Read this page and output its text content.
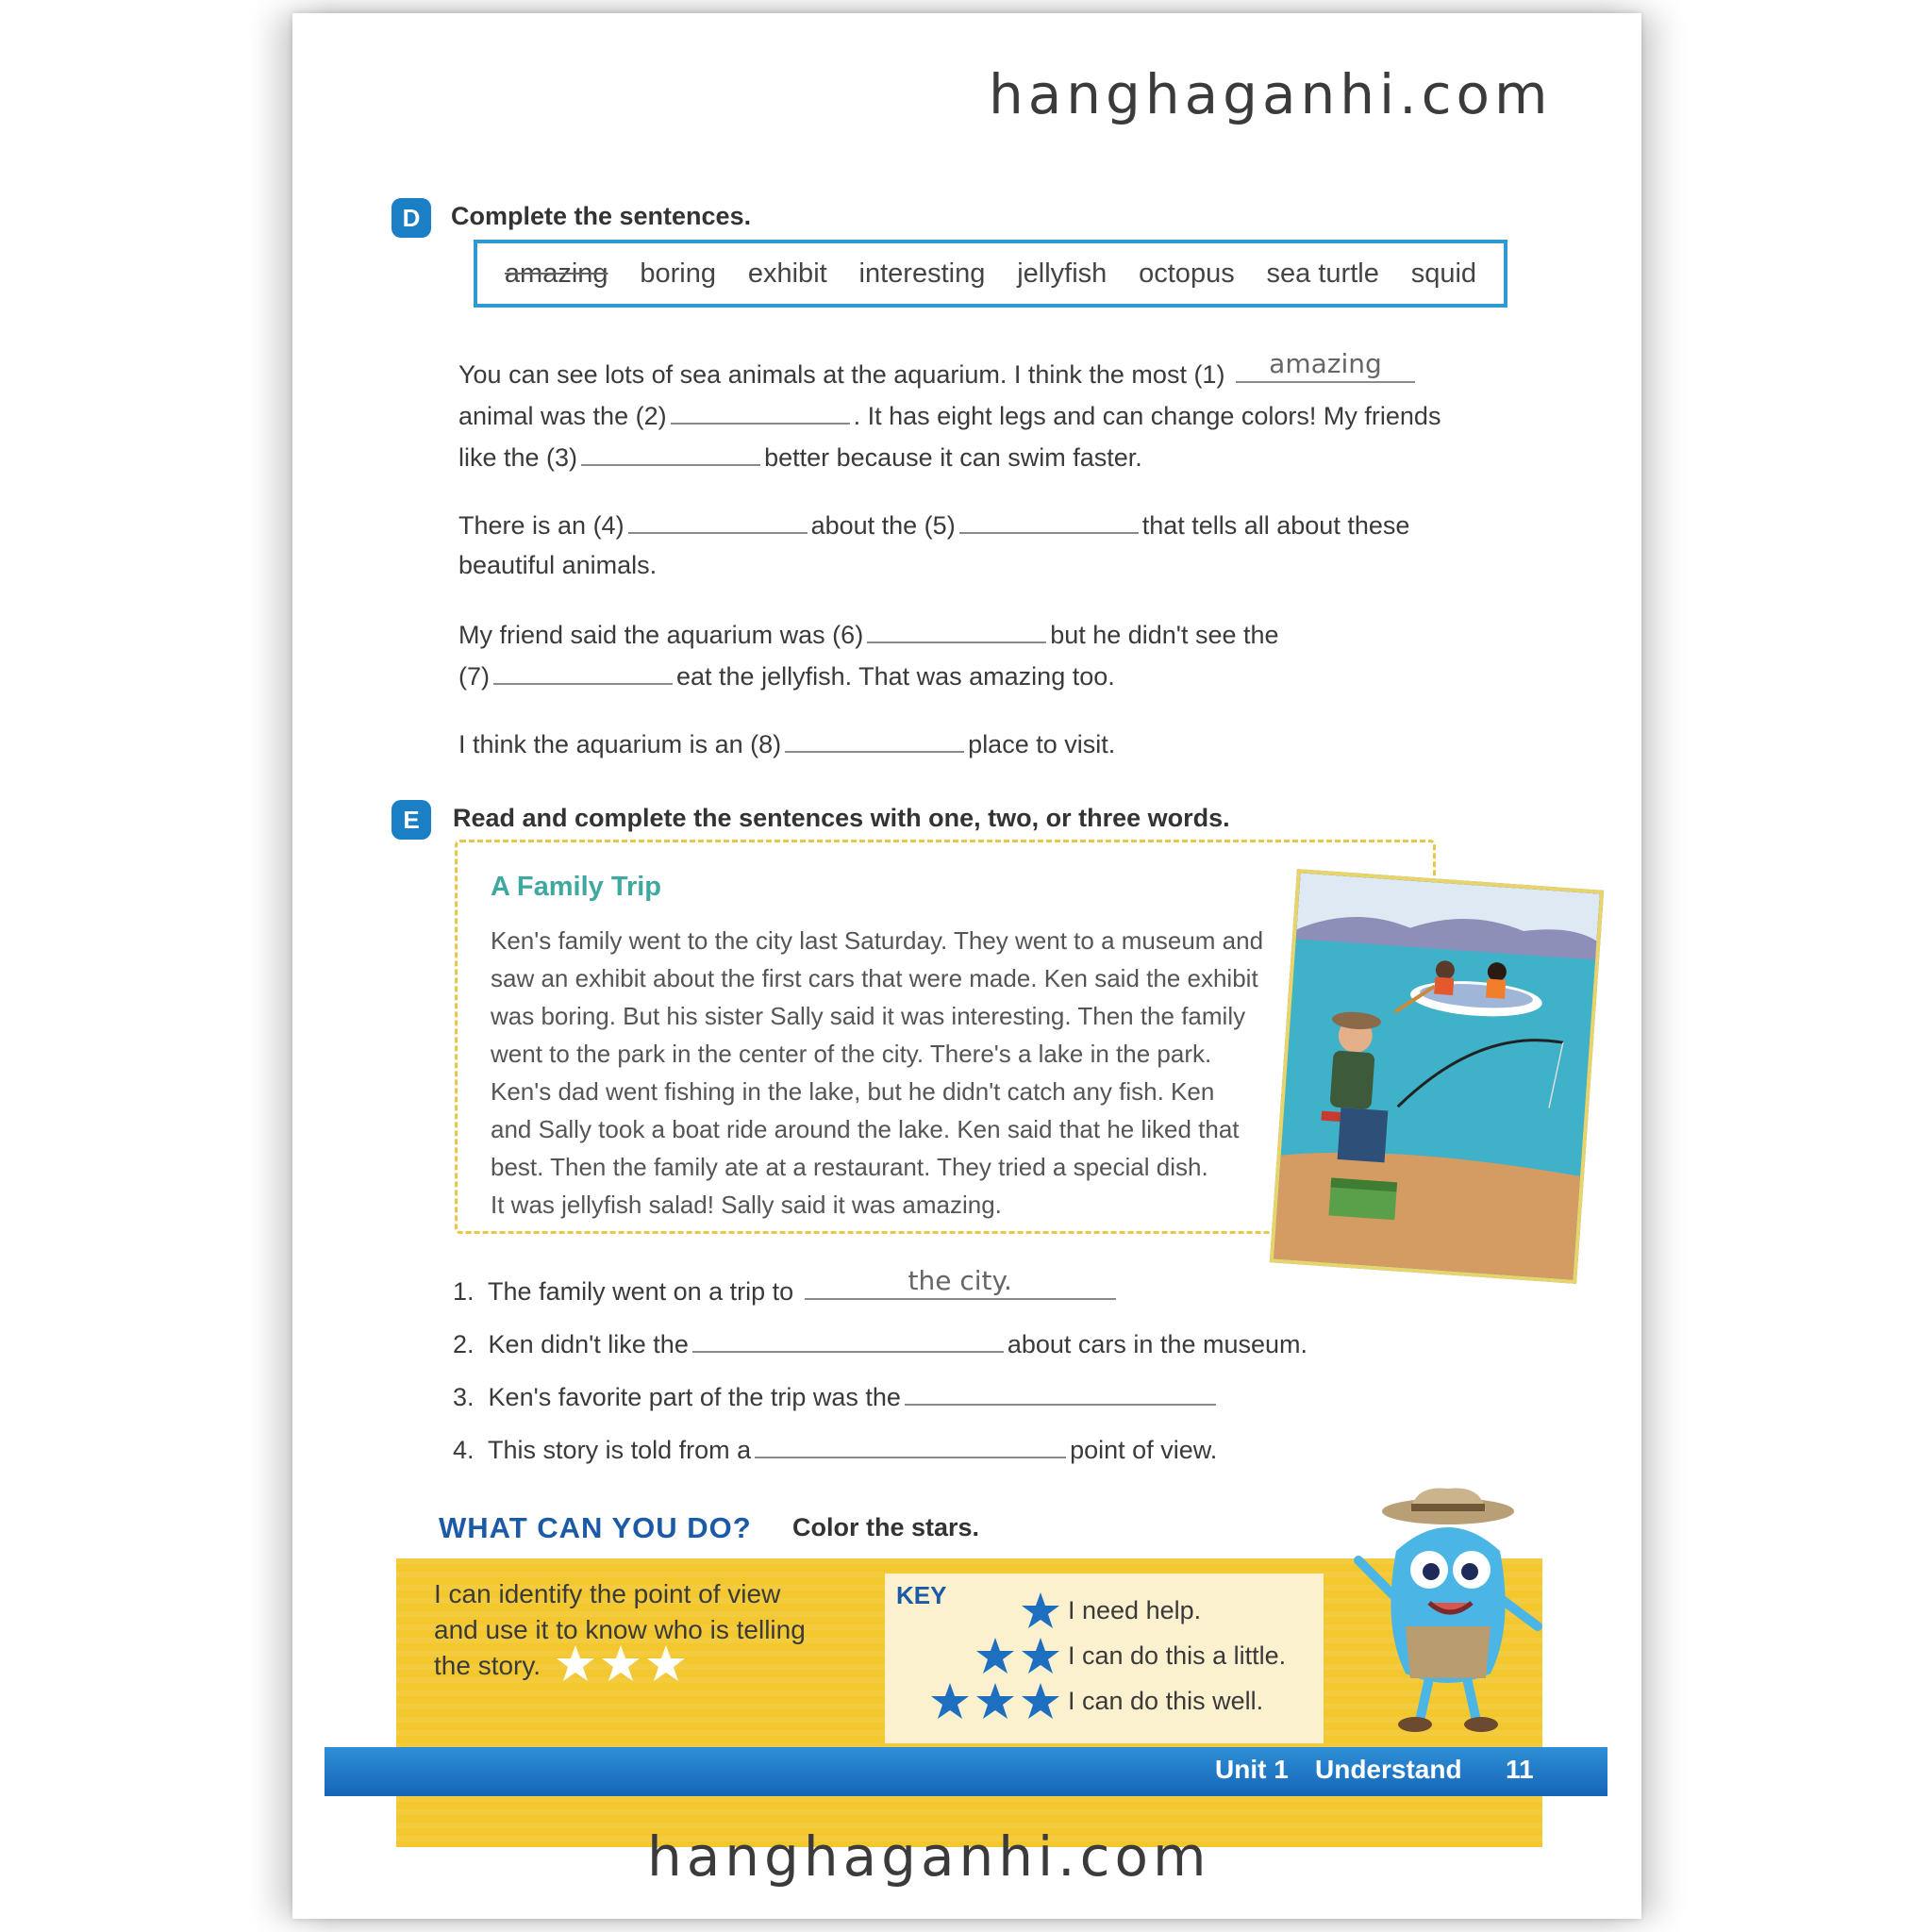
hanghaganhi.com
D	Complete the sentences.
amazing boring exhibit interesting jellyfish octopus sea turtle squid
You can see lots of sea animals at the aquarium. I think the most (1)	amazing
animal was the (2)	. It has eight legs and can change colors! My friends
like the (3)	better because it can swim faster.
There is an (4)	about the (5)	that tells all about these
beautiful animals.
My friend said the aquarium was (6)	but he didn't see the
(7)	eat the jellyfish. That was amazing too.
I think the aquarium is an (8)	place to visit.
E	Read and complete the sentences with one, two, or three words.
A Family Trip
Ken's family went to the city last Saturday. They went to a museum and
saw an exhibit about the first cars that were made. Ken said the exhibit
was boring. But his sister Sally said it was interesting. Then the family
went to the park in the center of the city. There's a lake in the park.
Ken's dad went fishing in the lake, but he didn't catch any fish. Ken
and Sally took a boat ride around the lake. Ken said that he liked that
best. Then the family ate at a restaurant. They tried a special dish.
It was jellyfish salad! Sally said it was amazing.
1. The family went on a trip to	the city.
2. Ken didn't like the	about cars in the museum.
3. Ken's favorite part of the trip was the
4. This story is told from a	point of view.
WHAT CAN YOU DO? Color the stars.
I can identify the point of view
and use it to know who is telling
the story.
KEY
I need help.
I can do this a little.
I can do this well.
Unit 1 Understand 11
hanghaganhi.com
